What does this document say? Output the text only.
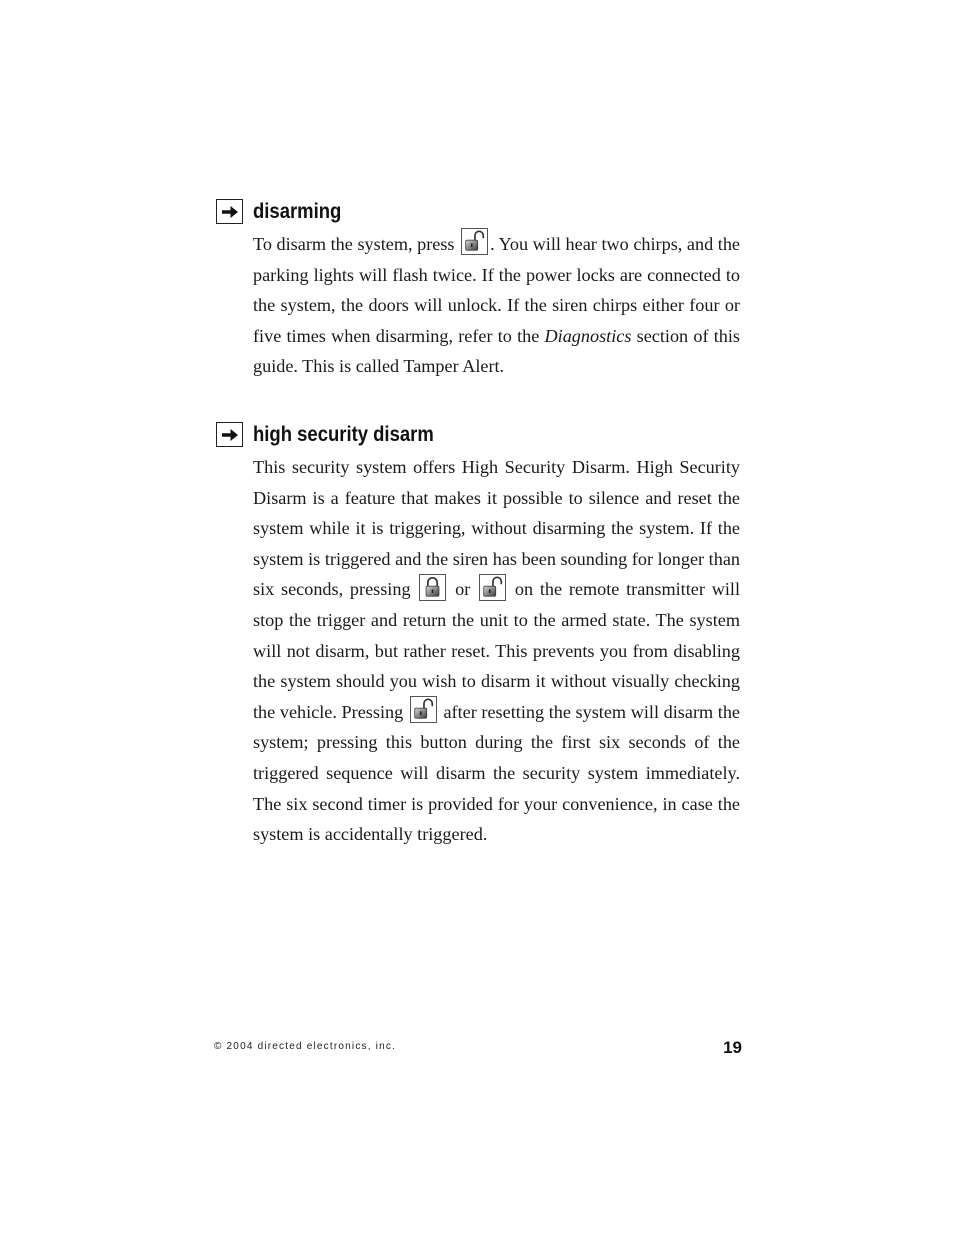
disarming

To disarm the system, press
. You will hear two chirps, and the parking lights will flash twice. If the power locks are connected to the system, the doors will unlock. If the siren chirps either four or five times when disarming, refer to the Diagnostics section of this guide. This is called Tamper Alert.

high security disarm

This security system offers High Security Disarm. High Security Disarm is a feature that makes it possible to silence and reset the system while it is triggering, without disarming the system. If the system is triggered and the siren has been sounding for longer than six seconds, pressing
or
on the remote transmitter will stop the trigger and return the unit to the armed state. The system will not disarm, but rather reset. This prevents you from disabling the system should you wish to disarm it without visually checking the vehicle. Pressing
after resetting the system will disarm the system; pressing this button during the first six seconds of the triggered sequence will disarm the security system immediately. The six second timer is provided for your convenience, in case the system is accidentally triggered.

© 2004 directed electronics, inc.	19
